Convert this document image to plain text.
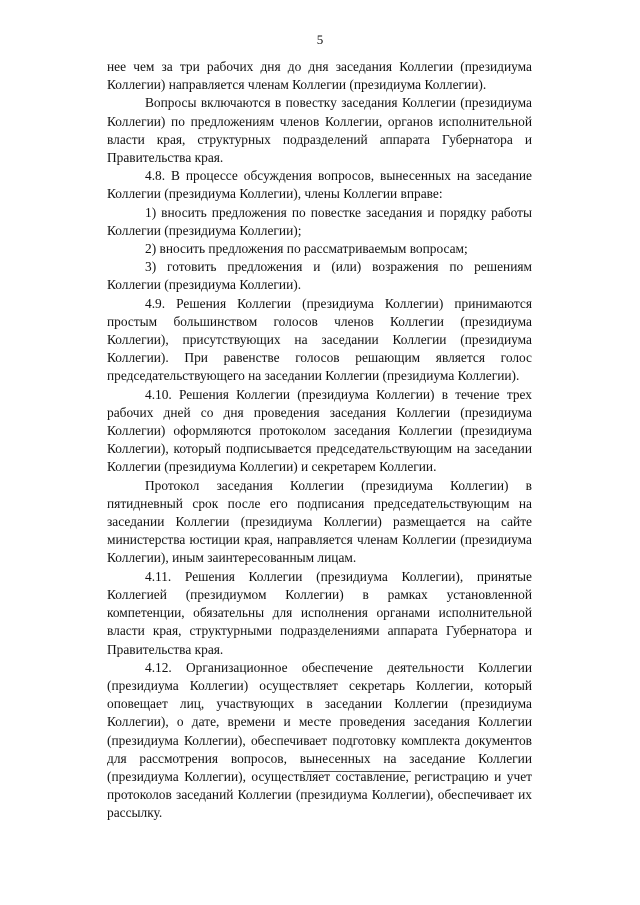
5

нее чем за три рабочих дня до дня заседания Коллегии (президиума Коллегии) направляется членам Коллегии (президиума Коллегии).

Вопросы включаются в повестку заседания Коллегии (президиума Коллегии) по предложениям членов Коллегии, органов исполнительной власти края, структурных подразделений аппарата Губернатора и Правительства края.

4.8. В процессе обсуждения вопросов, вынесенных на заседание Коллегии (президиума Коллегии), члены Коллегии вправе:

1) вносить предложения по повестке заседания и порядку работы Коллегии (президиума Коллегии);

2) вносить предложения по рассматриваемым вопросам;

3) готовить предложения и (или) возражения по решениям Коллегии (президиума Коллегии).

4.9. Решения Коллегии (президиума Коллегии) принимаются простым большинством голосов членов Коллегии (президиума Коллегии), присутствующих на заседании Коллегии (президиума Коллегии). При равенстве голосов решающим является голос председательствующего на заседании Коллегии (президиума Коллегии).

4.10. Решения Коллегии (президиума Коллегии) в течение трех рабочих дней со дня проведения заседания Коллегии (президиума Коллегии) оформляются протоколом заседания Коллегии (президиума Коллегии), который подписывается председательствующим на заседании Коллегии (президиума Коллегии) и секретарем Коллегии.

Протокол заседания Коллегии (президиума Коллегии) в пятидневный срок после его подписания председательствующим на заседании Коллегии (президиума Коллегии) размещается на сайте министерства юстиции края, направляется членам Коллегии (президиума Коллегии), иным заинтересованным лицам.

4.11. Решения Коллегии (президиума Коллегии), принятые Коллегией (президиумом Коллегии) в рамках установленной компетенции, обязательны для исполнения органами исполнительной власти края, структурными подразделениями аппарата Губернатора и Правительства края.

4.12. Организационное обеспечение деятельности Коллегии (президиума Коллегии) осуществляет секретарь Коллегии, который оповещает лиц, участвующих в заседании Коллегии (президиума Коллегии), о дате, времени и месте проведения заседания Коллегии (президиума Коллегии), обеспечивает подготовку комплекта документов для рассмотрения вопросов, вынесенных на заседание Коллегии (президиума Коллегии), осуществляет составление, регистрацию и учет протоколов заседаний Коллегии (президиума Коллегии), обеспечивает их рассылку.
